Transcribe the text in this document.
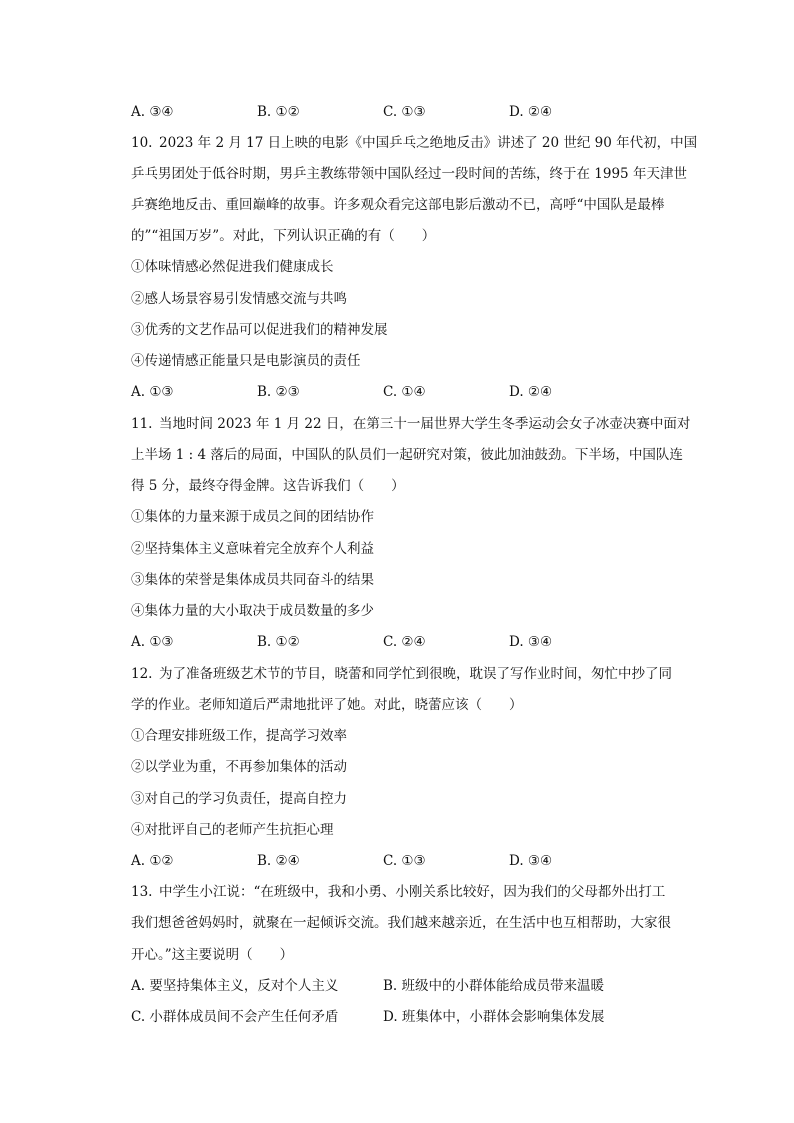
A. ③④	B. ①②	C. ①③	D. ②④
10. 2023 年 2 月 17 日上映的电影《中国乒乓之绝地反击》讲述了 20 世纪 90 年代初，中国
乒乓男团处于低谷时期，男乒主教练带领中国队经过一段时间的苦练，终于在 1995 年天津世
乒赛绝地反击、重回巅峰的故事。许多观众看完这部电影后激动不已，高呼“中国队是最棒
的”“祖国万岁”。对此，下列认识正确的有（　　）
①体味情感必然促进我们健康成长
②感人场景容易引发情感交流与共鸣
③优秀的文艺作品可以促进我们的精神发展
④传递情感正能量只是电影演员的责任
A. ①③	B. ②③	C. ①④	D. ②④
11. 当地时间 2023 年 1 月 22 日，在第三十一届世界大学生冬季运动会女子冰壶决赛中面对
上半场 1 : 4 落后的局面，中国队的队员们一起研究对策，彼此加油鼓劲。下半场，中国队连
得 5 分，最终夺得金牌。这告诉我们（　　）
①集体的力量来源于成员之间的团结协作
②坚持集体主义意味着完全放弃个人利益
③集体的荣誉是集体成员共同奋斗的结果
④集体力量的大小取决于成员数量的多少
A. ①③	B. ①②	C. ②④	D. ③④
12. 为了准备班级艺术节的节目，晓蕾和同学忙到很晚，耽误了写作业时间，匆忙中抄了同
学的作业。老师知道后严肃地批评了她。对此，晓蕾应该（　　）
①合理安排班级工作，提高学习效率
②以学业为重，不再参加集体的活动
③对自己的学习负责任，提高自控力
④对批评自己的老师产生抗拒心理
A. ①②	B. ②④	C. ①③	D. ③④
13. 中学生小江说：“在班级中，我和小勇、小刚关系比较好，因为我们的父母都外出打工
我们想爸爸妈妈时，就聚在一起倾诉交流。我们越来越亲近，在生活中也互相帮助，大家很
开心。”这主要说明（　　）
A. 要坚持集体主义，反对个人主义	B. 班级中的小群体能给成员带来温暖
C. 小群体成员间不会产生任何矛盾	D. 班集体中，小群体会影响集体发展
